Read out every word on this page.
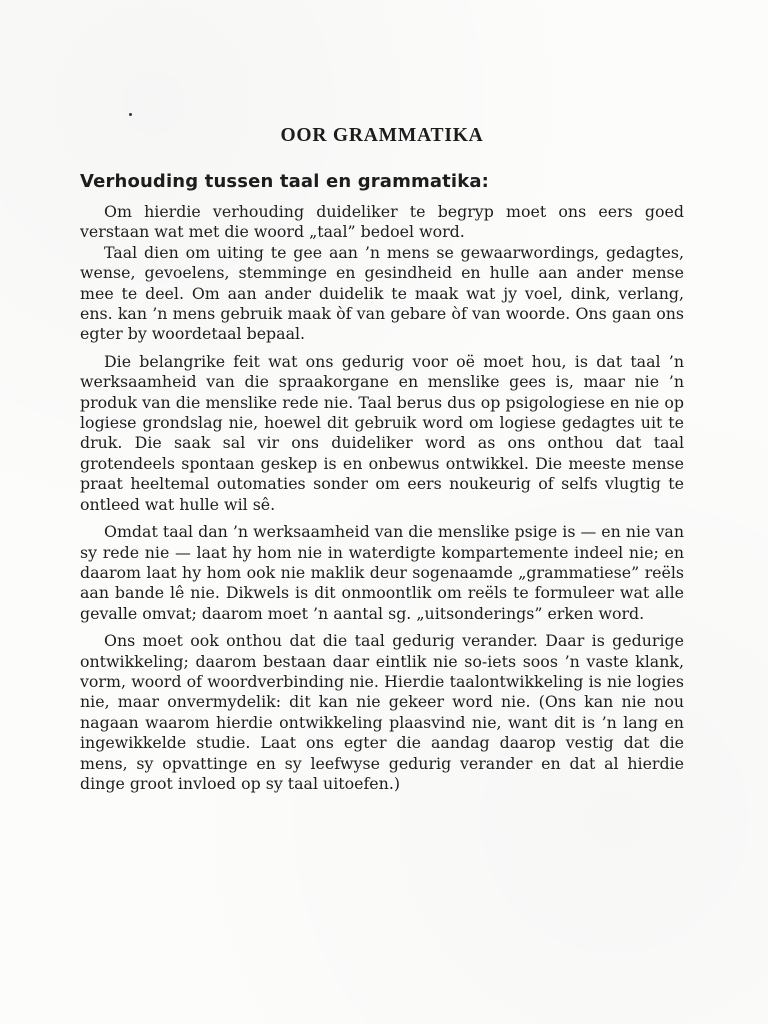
OOR GRAMMATIKA
Verhouding tussen taal en grammatika:

Om hierdie verhouding duideliker te begryp moet ons eers goed verstaan wat met die woord „taal” bedoel word.

Taal dien om uiting te gee aan ’n mens se gewaarwordings, gedagtes, wense, gevoelens, stemminge en gesindheid en hulle aan ander mense mee te deel. Om aan ander duidelik te maak wat jy voel, dink, verlang, ens. kan ’n mens gebruik maak òf van gebare òf van woorde. Ons gaan ons egter by woordetaal bepaal.

Die belangrike feit wat ons gedurig voor oë moet hou, is dat taal ’n werksaamheid van die spraakorgane en menslike gees is, maar nie ’n produk van die menslike rede nie. Taal berus dus op psigologiese en nie op logiese grondslag nie, hoewel dit gebruik word om logiese gedagtes uit te druk. Die saak sal vir ons duideliker word as ons onthou dat taal grotendeels spontaan geskep is en onbewus ontwikkel. Die meeste mense praat heeltemal outomaties sonder om eers noukeurig of selfs vlugtig te ontleed wat hulle wil sê.

Omdat taal dan ’n werksaamheid van die menslike psige is — en nie van sy rede nie — laat hy hom nie in waterdigte kompartemente indeel nie; en daarom laat hy hom ook nie maklik deur sogenaamde „grammatiese” reëls aan bande lê nie. Dikwels is dit onmoontlik om reëls te formuleer wat alle gevalle omvat; daarom moet ’n aantal sg. „uitsonderings” erken word.

Ons moet ook onthou dat die taal gedurig verander. Daar is gedurige ontwikkeling; daarom bestaan daar eintlik nie so-iets soos ’n vaste klank, vorm, woord of woordverbinding nie. Hierdie taalontwikkeling is nie logies nie, maar onvermydelik: dit kan nie gekeer word nie. (Ons kan nie nou nagaan waarom hierdie ontwikkeling plaasvind nie, want dit is ’n lang en ingewikkelde studie. Laat ons egter die aandag daarop vestig dat die mens, sy opvattinge en sy leefwyse gedurig verander en dat al hierdie dinge groot invloed op sy taal uitoefen.)
